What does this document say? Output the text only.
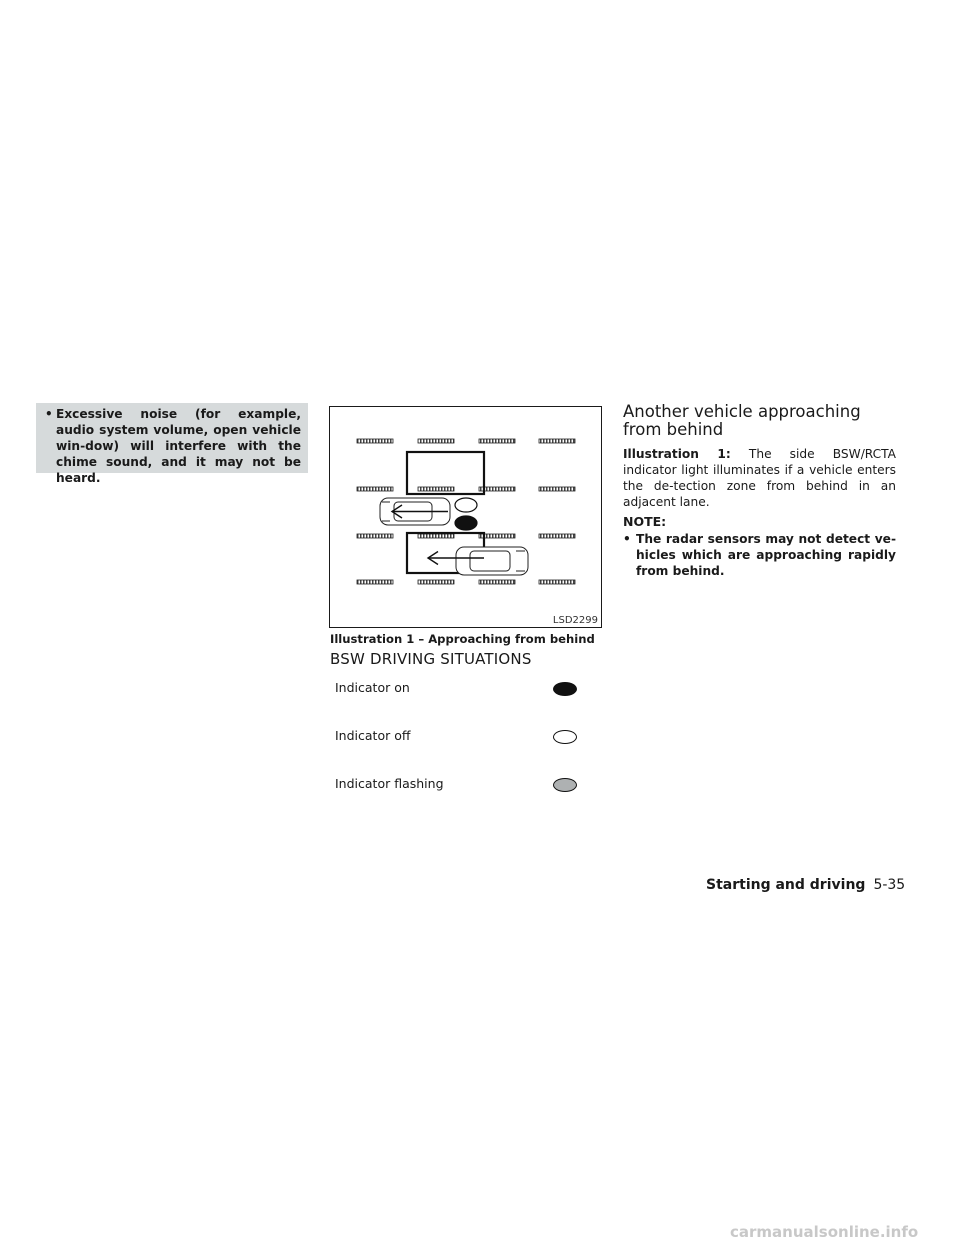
• Excessive noise (for example, audio system volume, open vehicle win-dow) will interfere with the chime sound, and it may not be heard.
LSD2299
Illustration 1 – Approaching from behind
BSW DRIVING SITUATIONS
Indicator on
Indicator off
Indicator flashing
Another vehicle approaching from behind
Illustration 1: The side BSW/RCTA indicator light illuminates if a vehicle enters the de-tection zone from behind in an adjacent lane.
NOTE:
• The radar sensors may not detect ve-hicles which are approaching rapidly from behind.
Starting and driving 5-35
carmanualsonline.info
